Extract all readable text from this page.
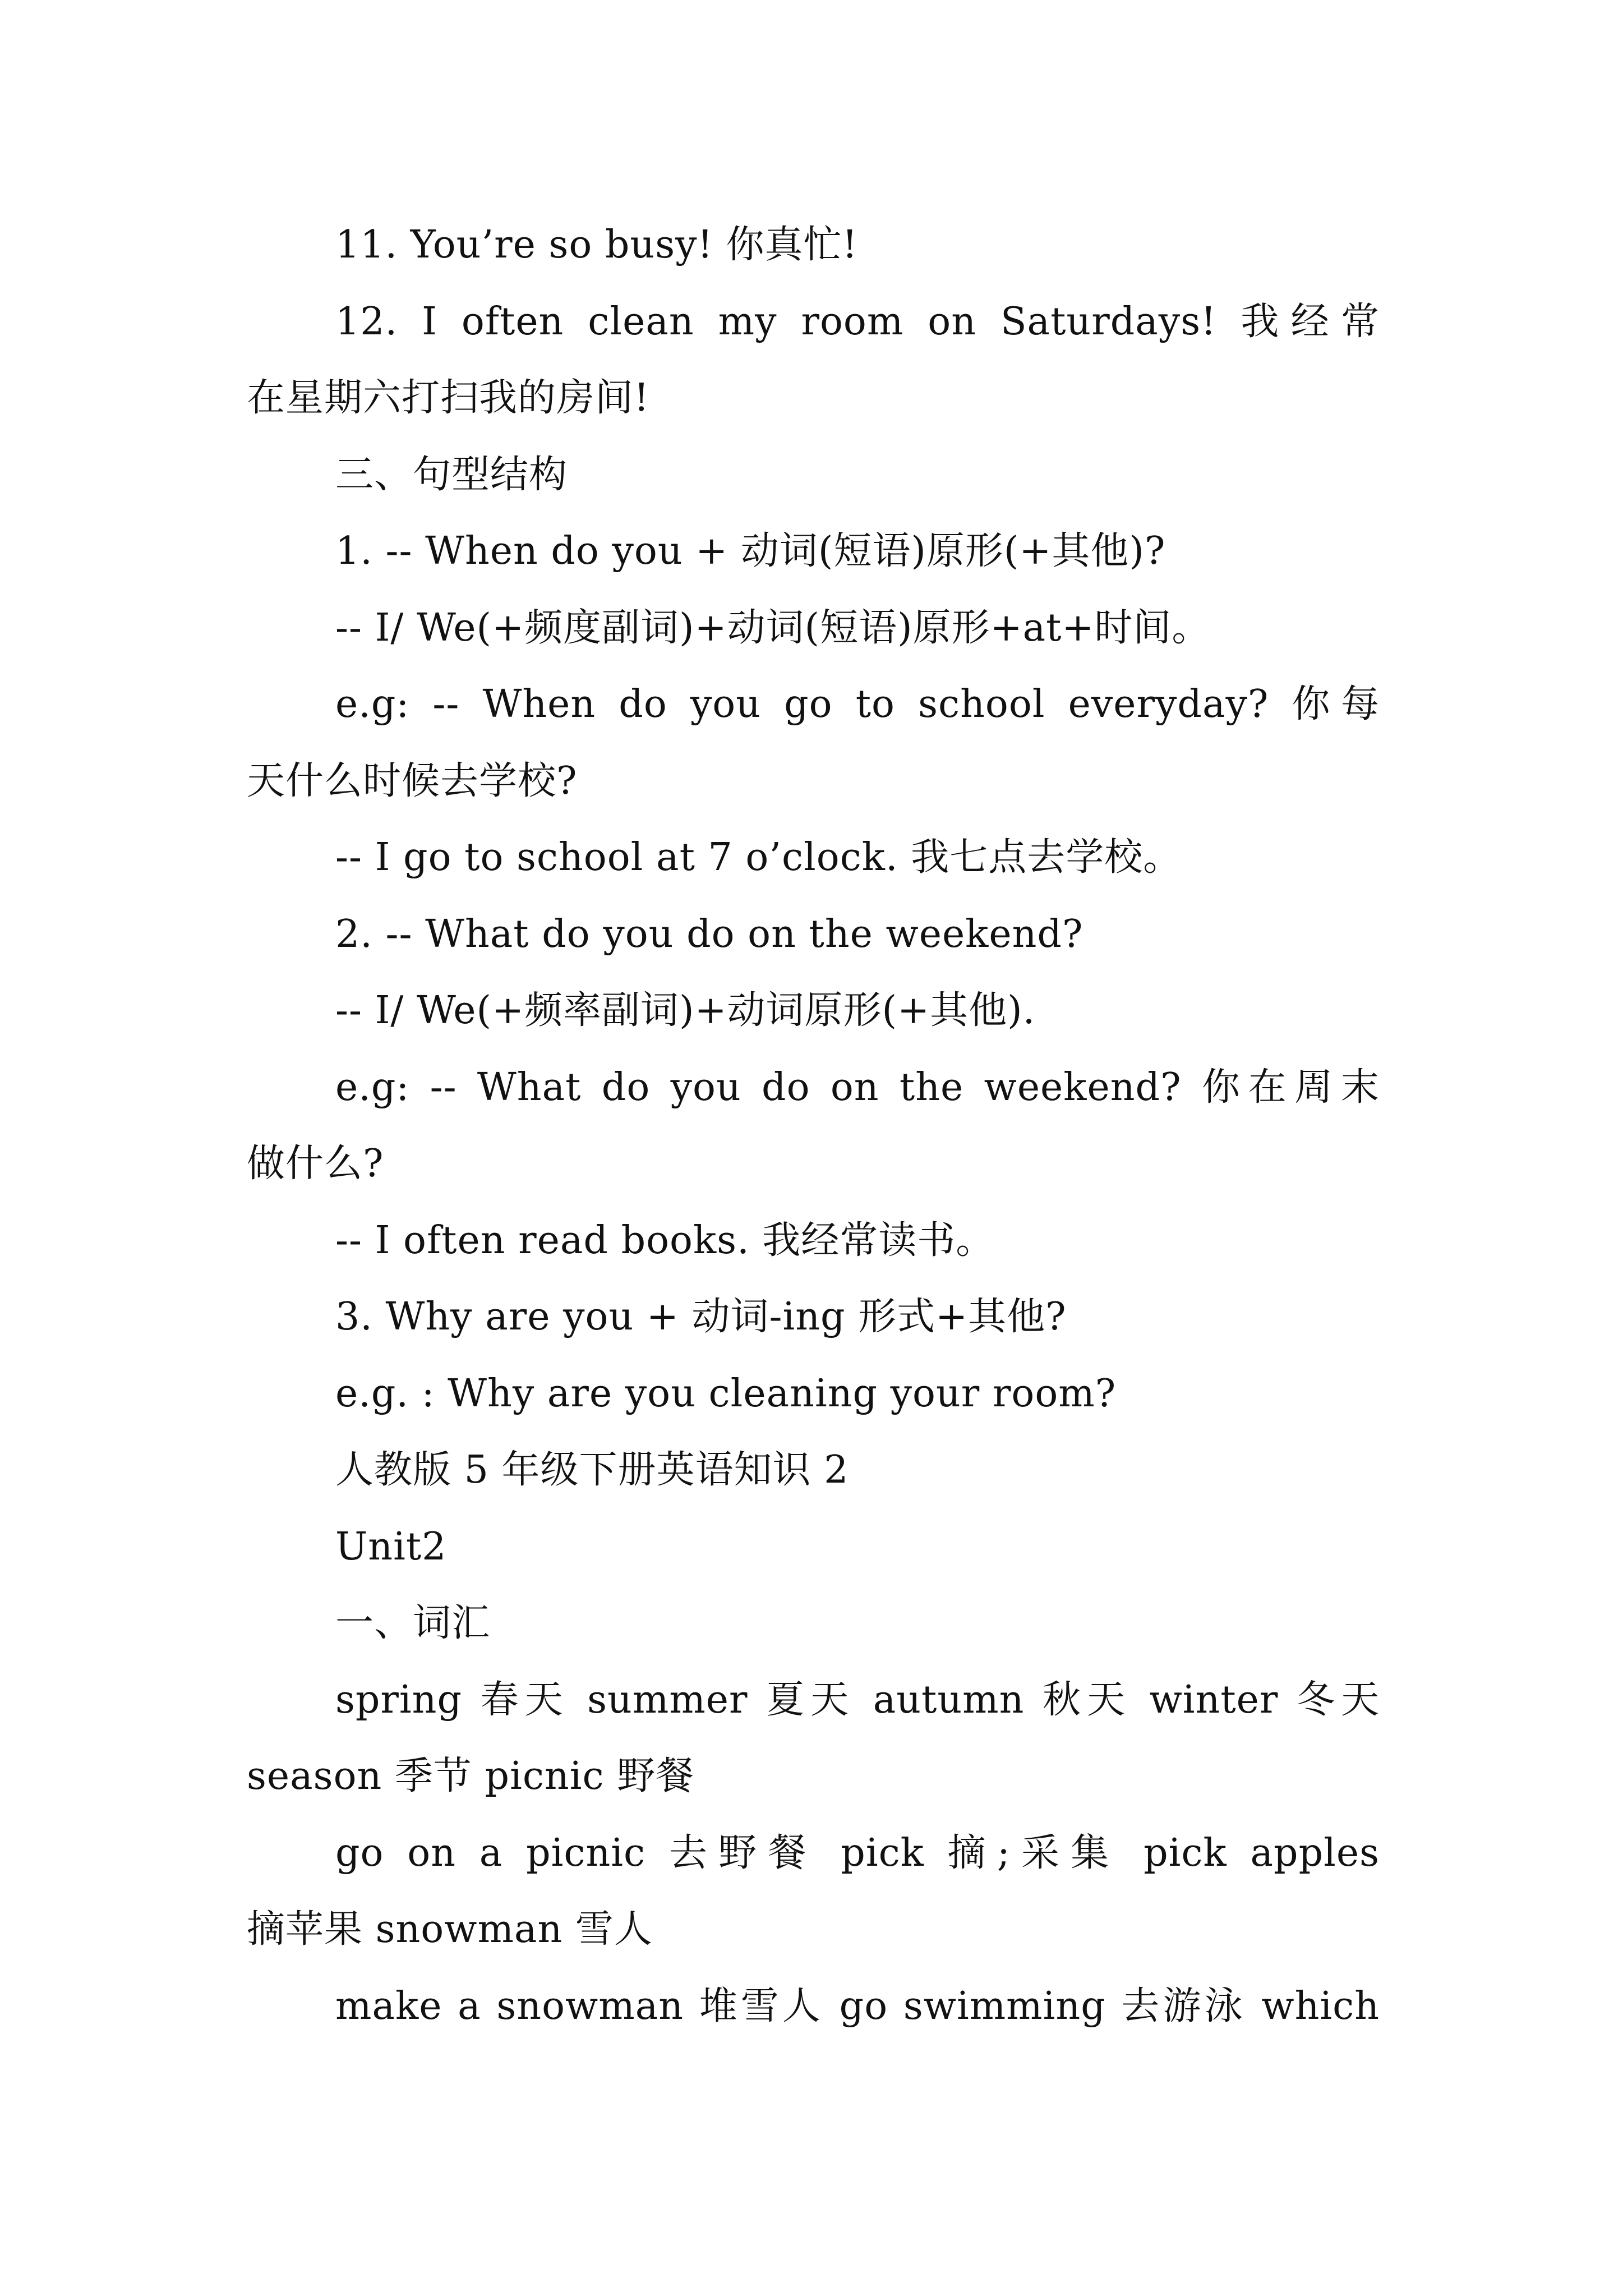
11. You’re so busy! 你真忙!
12. I often clean my room on Saturdays! 我经常
在星期六打扫我的房间!
三、句型结构
1. -- When do you + 动词(短语)原形(+其他)?
-- I/ We(+频度副词)+动词(短语)原形+at+时间。
e.g: -- When do you go to school everyday? 你每
天什么时候去学校?
-- I go to school at 7 o’clock. 我七点去学校。
2. -- What do you do on the weekend?
-- I/ We(+频率副词)+动词原形(+其他).
e.g: -- What do you do on the weekend? 你在周末
做什么?
-- I often read books. 我经常读书。
3. Why are you + 动词-ing 形式+其他?
e.g. : Why are you cleaning your room?
人教版 5 年级下册英语知识 2
Unit2
一、词汇
spring 春天 summer 夏天 autumn 秋天 winter 冬天
season 季节 picnic 野餐
go on a picnic 去野餐 pick 摘;采集 pick apples
摘苹果 snowman 雪人
make a snowman 堆雪人 go swimming 去游泳 which
